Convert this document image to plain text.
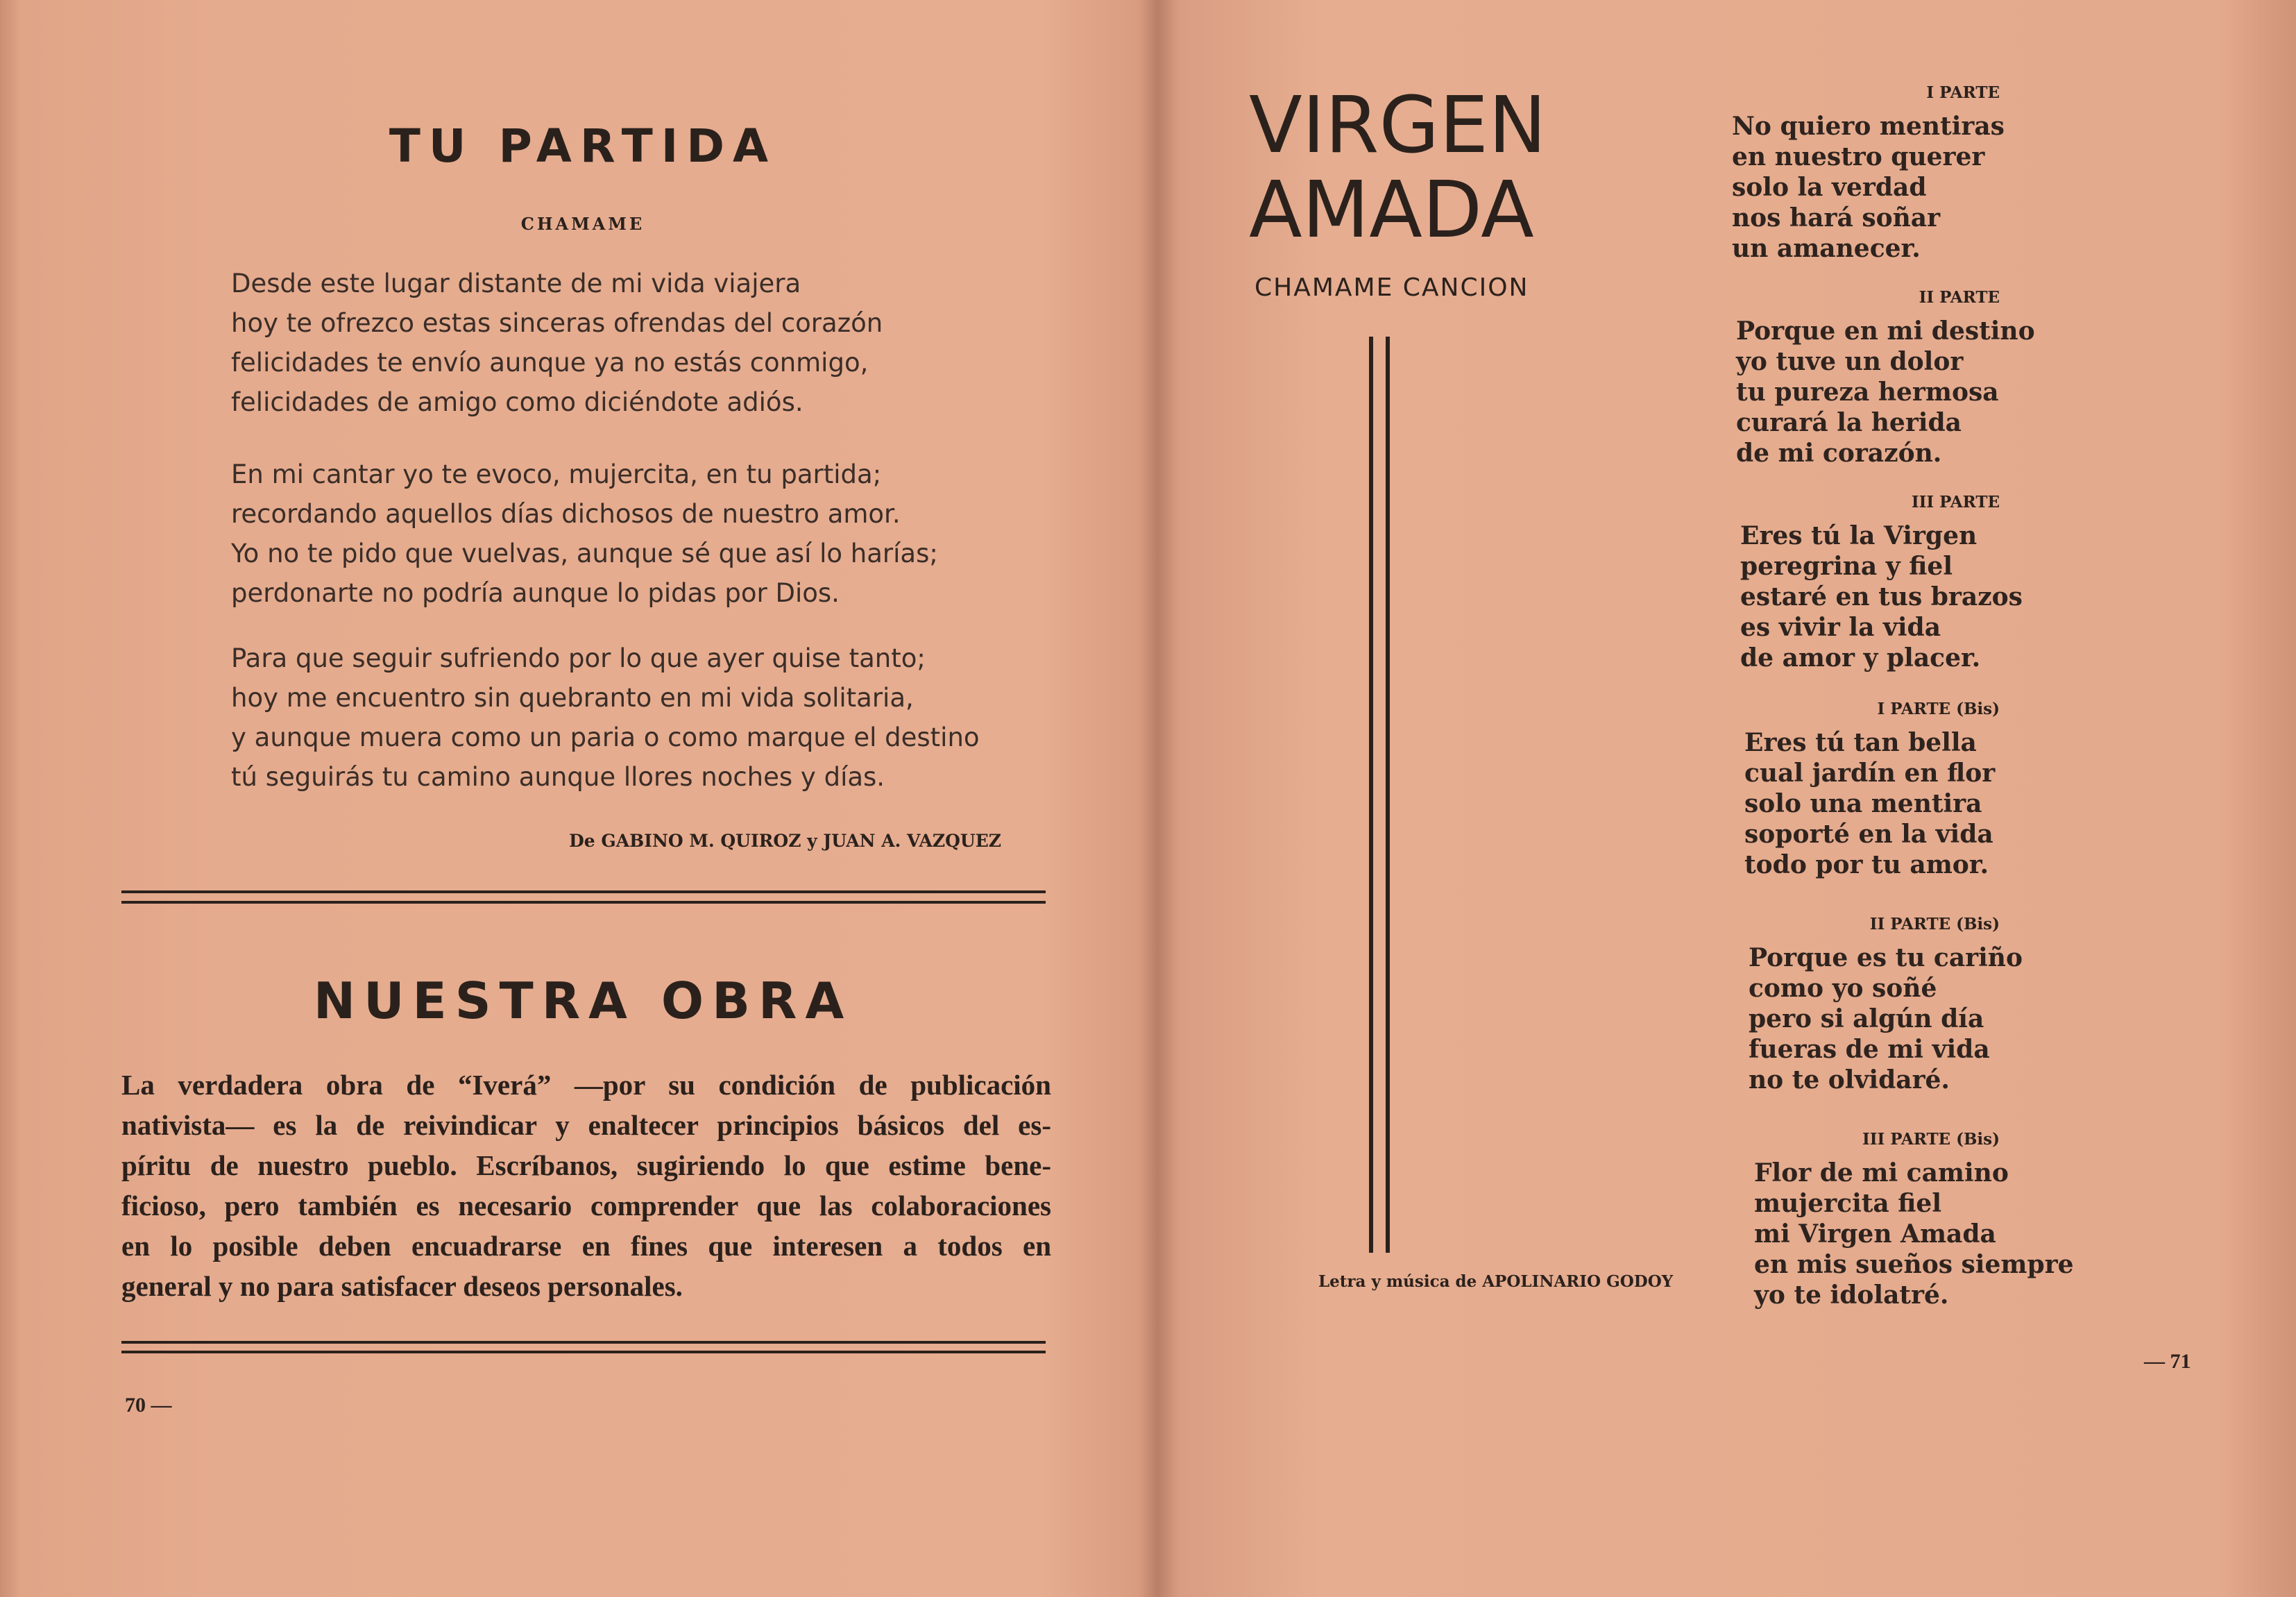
TU PARTIDA
CHAMAME
Desde este lugar distante de mi vida viajera
hoy te ofrezco estas sinceras ofrendas del corazón
felicidades te envío aunque ya no estás conmigo,
felicidades de amigo como diciéndote adiós.
En mi cantar yo te evoco, mujercita, en tu partida;
recordando aquellos días dichosos de nuestro amor.
Yo no te pido que vuelvas, aunque sé que así lo harías;
perdonarte no podría aunque lo pidas por Dios.
Para que seguir sufriendo por lo que ayer quise tanto;
hoy me encuentro sin quebranto en mi vida solitaria,
y aunque muera como un paria o como marque el destino
tú seguirás tu camino aunque llores noches y días.
De GABINO M. QUIROZ y JUAN A. VAZQUEZ
NUESTRA OBRA
La verdadera obra de “Iverá” —por su condición de publicación
nativista— es la de reivindicar y enaltecer principios básicos del es-
píritu de nuestro pueblo. Escríbanos, sugiriendo lo que estime bene-
ficioso, pero también es necesario comprender que las colaboraciones
en lo posible deben encuadrarse en fines que interesen a todos en
general y no para satisfacer deseos personales.
70 —
VIRGEN
AMADA
CHAMAME CANCION
Letra y música de APOLINARIO GODOY
I PARTE
No quiero mentiras
en nuestro querer
solo la verdad
nos hará soñar
un amanecer.
II PARTE
Porque en mi destino
yo tuve un dolor
tu pureza hermosa
curará la herida
de mi corazón.
III PARTE
Eres tú la Virgen
peregrina y fiel
estaré en tus brazos
es vivir la vida
de amor y placer.
I PARTE (Bis)
Eres tú tan bella
cual jardín en flor
solo una mentira
soporté en la vida
todo por tu amor.
II PARTE (Bis)
Porque es tu cariño
como yo soñé
pero si algún día
fueras de mi vida
no te olvidaré.
III PARTE (Bis)
Flor de mi camino
mujercita fiel
mi Virgen Amada
en mis sueños siempre
yo te idolatré.
— 71
